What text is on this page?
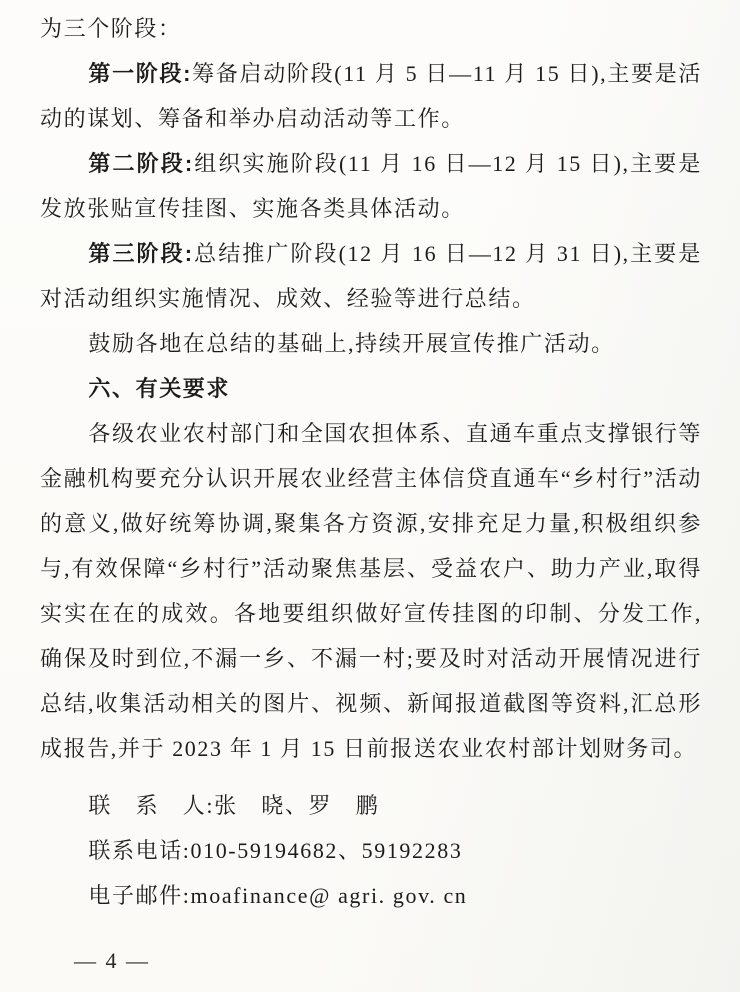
为三个阶段：

第一阶段:筹备启动阶段(11 月 5 日—11 月 15 日),主要是活动的谋划、筹备和举办启动活动等工作。

第二阶段:组织实施阶段(11 月 16 日—12 月 15 日),主要是发放张贴宣传挂图、实施各类具体活动。

第三阶段:总结推广阶段(12 月 16 日—12 月 31 日),主要是对活动组织实施情况、成效、经验等进行总结。

鼓励各地在总结的基础上,持续开展宣传推广活动。

六、有关要求

各级农业农村部门和全国农担体系、直通车重点支撑银行等金融机构要充分认识开展农业经营主体信贷直通车“乡村行”活动的意义,做好统筹协调,聚集各方资源,安排充足力量,积极组织参与,有效保障“乡村行”活动聚焦基层、受益农户、助力产业,取得实实在在的成效。各地要组织做好宣传挂图的印制、分发工作,确保及时到位,不漏一乡、不漏一村;要及时对活动开展情况进行总结,收集活动相关的图片、视频、新闻报道截图等资料,汇总形成报告,并于 2023 年 1 月 15 日前报送农业农村部计划财务司。

联　系　人:张　晓、罗　鹏

联系电话:010-59194682、59192283

电子邮件:moafinance@ agri. gov. cn

— 4 —
